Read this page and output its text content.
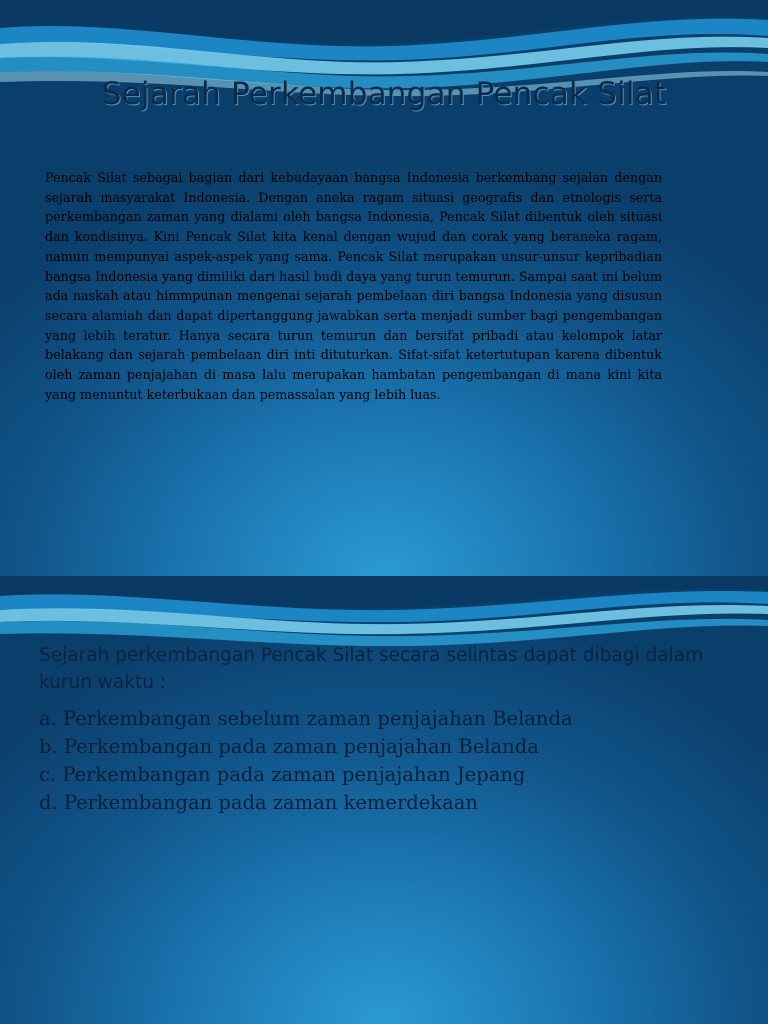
Sejarah Perkembangan Pencak Silat

Pencak Silat sebagai bagian dari kebudayaan bangsa Indonesia berkembang sejalan dengan sejarah masyarakat Indonesia. Dengan aneka ragam situasi geografis dan etnologis serta perkembangan zaman yang dialami oleh bangsa Indonesia, Pencak Silat dibentuk oleh situasi dan kondisinya. Kini Pencak Silat kita kenal dengan wujud dan corak yang beraneka ragam, namun mempunyai aspek-aspek yang sama. Pencak Silat merupakan unsur-unsur kepribadian bangsa Indonesia yang dimiliki dari hasil budi daya yang turun temurun. Sampai saat ini belum ada naskah atau himmpunan mengenai sejarah pembelaan diri bangsa Indonesia yang disusun secara alamiah dan dapat dipertanggung jawabkan serta menjadi sumber bagi pengembangan yang lebih teratur. Hanya secara turun temurun dan bersifat pribadi atau kelompok latar belakang dan sejarah pembelaan diri inti dituturkan. Sifat-sifat ketertutupan karena dibentuk oleh zaman penjajahan di masa lalu merupakan hambatan pengembangan di mana kini kita yang menuntut keterbukaan dan pemassalan yang lebih luas.

Sejarah perkembangan Pencak Silat secara selintas dapat dibagi dalam kurun waktu :

a. Perkembangan sebelum zaman penjajahan Belanda
b. Perkembangan pada zaman penjajahan Belanda
c. Perkembangan pada zaman penjajahan Jepang
d. Perkembangan pada zaman kemerdekaan
